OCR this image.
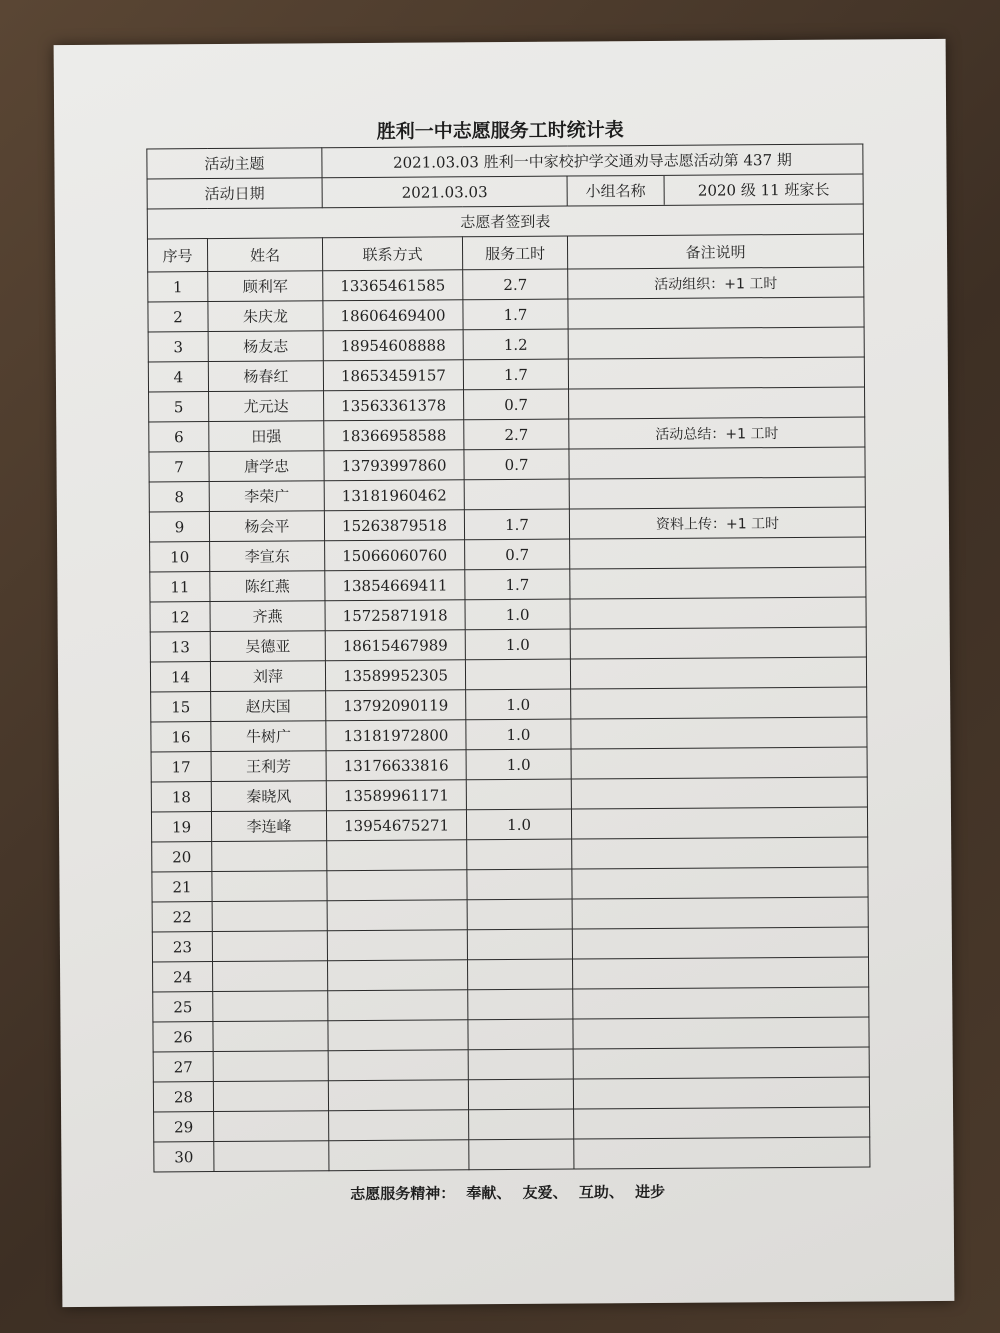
胜利一中志愿服务工时统计表
活动主题		2021.03.03 胜利一中家校护学交通劝导志愿活动第 437 期		
活动日期		2021.03.03		小组名称 2020 级 11 班家长

志愿者签到表				
序号	姓名	联系方式	服务工时	备注说明
1	顾利军	13365461585	2.7	活动组织：+1 工时
2	朱庆龙	18606469400	1.7	
3	杨友志	18954608888	1.2	
4	杨春红	18653459157	1.7	
5	尤元达	13563361378	0.7	
6	田强	18366958588	2.7	活动总结：+1 工时
7	唐学忠	13793997860	0.7	
8	李荣广	13181960462		
9	杨会平	15263879518	1.7	资料上传：+1 工时
10	李宣东	15066060760	0.7	
11	陈红燕	13854669411	1.7	
12	齐燕	15725871918	1.0	
13	吴德亚	18615467989	1.0	
14	刘萍	13589952305		
15	赵庆国	13792090119	1.0	
16	牛树广	13181972800	1.0	
17	王利芳	13176633816	1.0	
18	秦晓风	13589961171		
19	李连峰	13954675271	1.0	
20				
21				
22				
23				
24				
25				
26				
27				
28				
29				
30				
志愿服务精神： 奉献、 友爱、 互助、 进步
